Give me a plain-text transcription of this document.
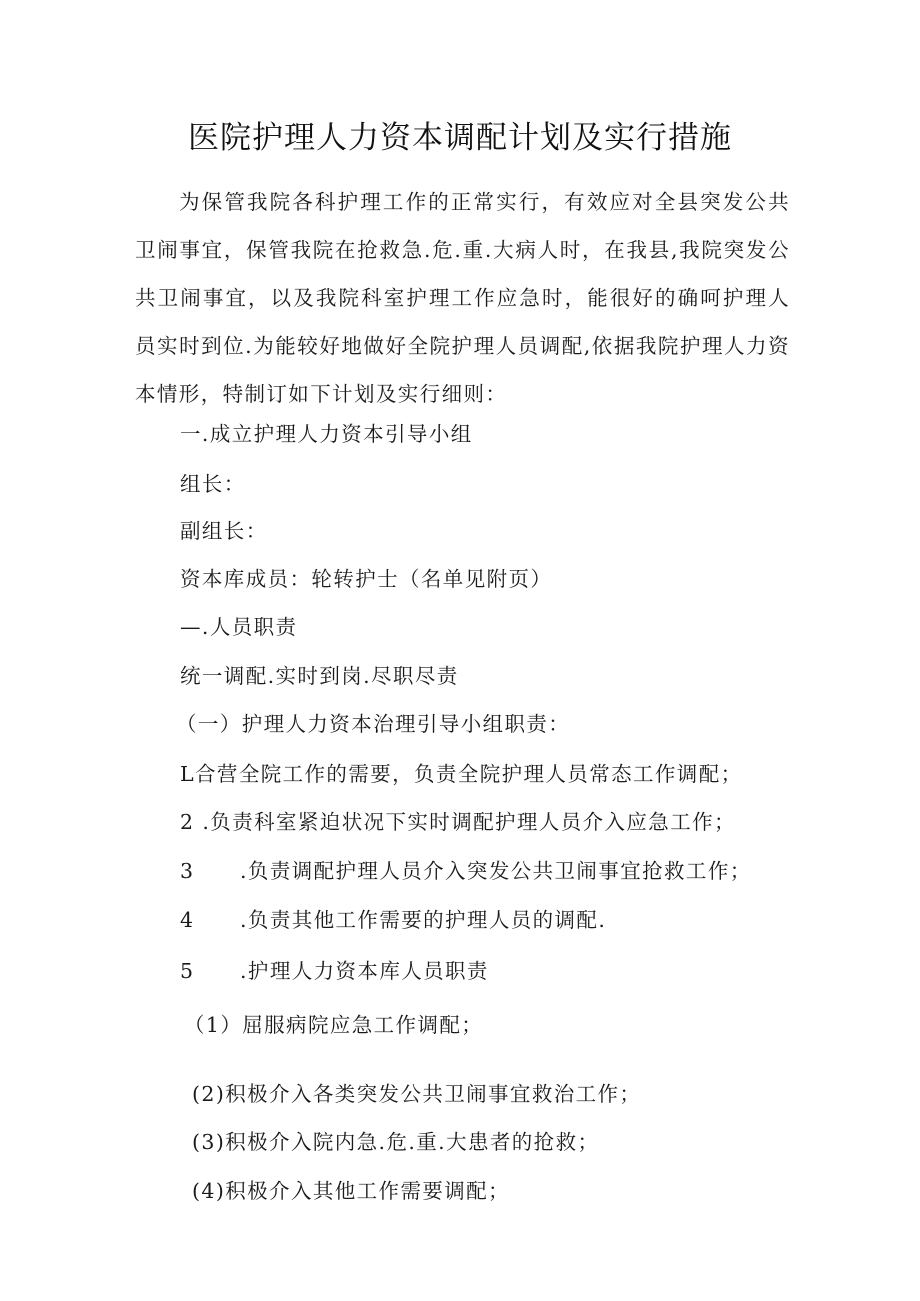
医院护理人力资本调配计划及实行措施

为保管我院各科护理工作的正常实行，有效应对全县突发公共卫闹事宜，保管我院在抢救急.危.重.大病人时，在我县,我院突发公共卫闹事宜，以及我院科室护理工作应急时，能很好的确呵护理人员实时到位.为能较好地做好全院护理人员调配,依据我院护理人力资本情形，特制订如下计划及实行细则：

一.成立护理人力资本引导小组

组长：

副组长：

资本库成员：轮转护士（名单见附页）

—.人员职责

统一调配.实时到岗.尽职尽责

（一）护理人力资本治理引导小组职责：

L合营全院工作的需要，负责全院护理人员常态工作调配；

2 .负责科室紧迫状况下实时调配护理人员介入应急工作；

3 .负责调配护理人员介入突发公共卫闹事宜抢救工作；

4 .负责其他工作需要的护理人员的调配.

5 .护理人力资本库人员职责

（1）屈服病院应急工作调配；

(2)积极介入各类突发公共卫闹事宜救治工作；

(3)积极介入院内急.危.重.大患者的抢救；

(4)积极介入其他工作需要调配；
